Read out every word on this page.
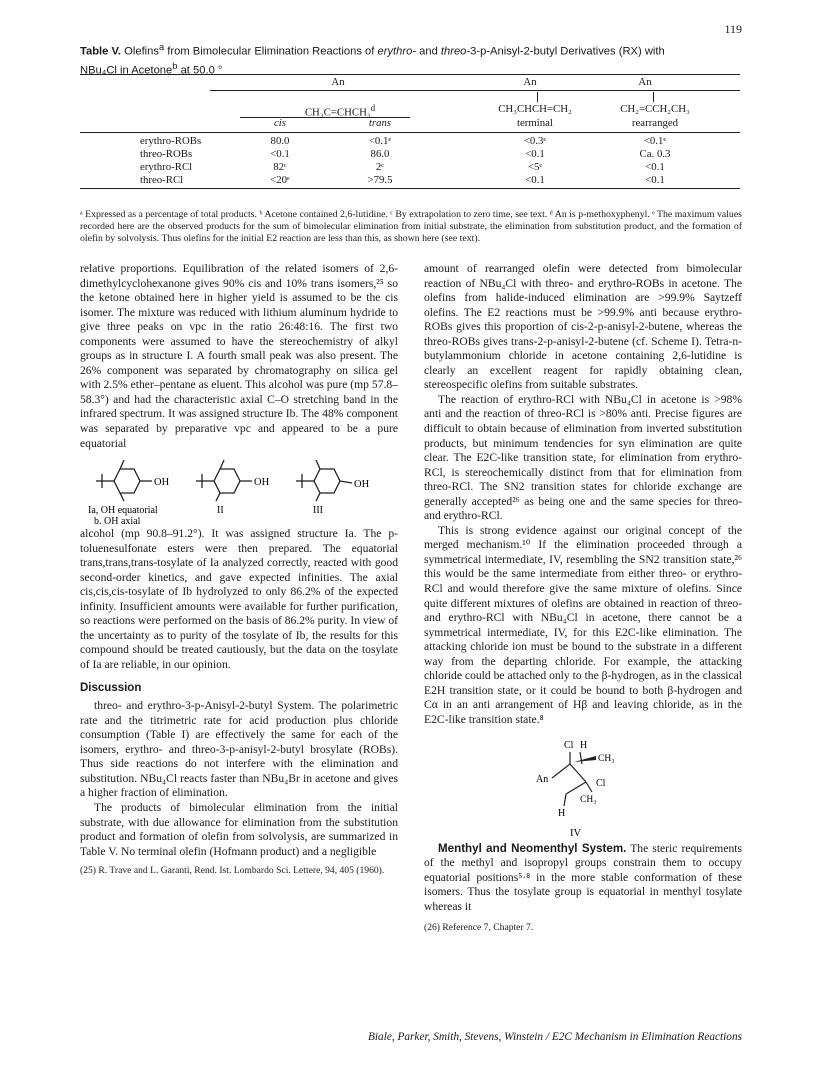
119
Table V. Olefins$^a$ from Bimolecular Elimination Reactions of erythro- and threo-3-p-Anisyl-2-butyl Derivatives (RX) with
NBu₄Cl in Acetone$^b$ at 50.0 °
An	An	An
CH₃C=CHCH₃$^d$	CH₃CHCH=CH₂	CH₂=CCH₂CH₃
cis	trans	terminal	rearranged
erythro-ROBs	80.0	<0.1ᵉ	<0.3ᵉ	<0.1ᵉ
threo-ROBs	<0.1	86.0	<0.1	Ca. 0.3
erythro-RCl	82ᶜ	2ᶜ	<5ᵉ	<0.1
threo-RCl	<20ᵉ	>79.5	<0.1	<0.1
ᵃ Expressed as a percentage of total products. ᵇ Acetone contained 2,6-lutidine. ᶜ By extrapolation to zero time, see text. ᵈ An is p-methoxyphenyl. ᵉ The maximum values recorded here are the observed products for the sum of bimolecular elimination from initial substrate, the elimination from substitution product, and the formation of olefin by solvolysis. Thus olefins for the initial E2 reaction are less than this, as shown here (see text).

relative proportions. Equilibration of the related isomers of 2,6-dimethylcyclohexanone gives 90% cis and 10% trans isomers,²⁵ so the ketone obtained here in higher yield is assumed to be the cis isomer. The mixture was reduced with lithium aluminum hydride to give three peaks on vpc in the ratio 26:48:16. The first two components were assumed to have the stereochemistry of alkyl groups as in structure I. A fourth small peak was also present. The 26% component was separated by chromatography on silica gel with 2.5% ether–pentane as eluent. This alcohol was pure (mp 57.8–58.3°) and had the characteristic axial C–O stretching band in the infrared spectrum. It was assigned structure Ib. The 48% component was separated by preparative vpc and appeared to be a pure equatorial

OH	OH	OH
Ia, OH equatorial
b. OH axial
II	III

alcohol (mp 90.8–91.2°). It was assigned structure Ia. The p-toluenesulfonate esters were then prepared. The equatorial trans,trans,trans-tosylate of Ia analyzed correctly, reacted with good second-order kinetics, and gave expected infinities. The axial cis,cis,cis-tosylate of Ib hydrolyzed to only 86.2% of the expected infinity. Insufficient amounts were available for further purification, so reactions were performed on the basis of 86.2% purity. In view of the uncertainty as to purity of the tosylate of Ib, the results for this compound should be treated cautiously, but the data on the tosylate of Ia are reliable, in our opinion.

Discussion

threo- and erythro-3-p-Anisyl-2-butyl System. The polarimetric rate and the titrimetric rate for acid production plus chloride consumption (Table I) are effectively the same for each of the isomers, erythro- and threo-3-p-anisyl-2-butyl brosylate (ROBs). Thus side reactions do not interfere with the elimination and substitution. NBu₄Cl reacts faster than NBu₄Br in acetone and gives a higher fraction of elimination.

The products of bimolecular elimination from the initial substrate, with due allowance for elimination from the substitution product and formation of olefin from solvolysis, are summarized in Table V. No terminal olefin (Hofmann product) and a negligible

(25) R. Trave and L. Garanti, Rend. Ist. Lombardo Sci. Lettere, 94, 405 (1960).

amount of rearranged olefin were detected from bimolecular reaction of NBu₄Cl with threo- and erythro-ROBs in acetone. The olefins from halide-induced elimination are >99.9% Saytzeff olefins. The E2 reactions must be >99.9% anti because erythro-ROBs gives this proportion of cis-2-p-anisyl-2-butene, whereas the threo-ROBs gives trans-2-p-anisyl-2-butene (cf. Scheme I). Tetra-n-butylammonium chloride in acetone containing 2,6-lutidine is clearly an excellent reagent for rapidly obtaining clean, stereospecific olefins from suitable substrates.

The reaction of erythro-RCl with NBu₄Cl in acetone is >98% anti and the reaction of threo-RCl is >80% anti. Precise figures are difficult to obtain because of elimination from inverted substitution products, but minimum tendencies for syn elimination are quite clear. The E2C-like transition state, for elimination from erythro-RCl, is stereochemically distinct from that for elimination from threo-RCl. The SN2 transition states for chloride exchange are generally accepted²⁶ as being one and the same species for threo- and erythro-RCl.

This is strong evidence against our original concept of the merged mechanism.¹⁰ If the elimination proceeded through a symmetrical intermediate, IV, resembling the SN2 transition state,²⁶ this would be the same intermediate from either threo- or erythro-RCl and would therefore give the same mixture of olefins. Since quite different mixtures of olefins are obtained in reaction of threo- and erythro-RCl with NBu₄Cl in acetone, there cannot be a symmetrical intermediate, IV, for this E2C-like elimination. The attacking chloride ion must be bound to the substrate in a different way from the departing chloride. For example, the attacking chloride could be attached only to the β-hydrogen, as in the classical E2H transition state, or it could be bound to both β-hydrogen and Cα in an anti arrangement of Hβ and leaving chloride, as in the E2C-like transition state.⁸

Cl H
CH₃
An	Cl
CH₃
H
IV

Menthyl and Neomenthyl System. The steric requirements of the methyl and isopropyl groups constrain them to occupy equatorial positions⁵·⁸ in the more stable conformation of these isomers. Thus the tosylate group is equatorial in menthyl tosylate whereas it

(26) Reference 7, Chapter 7.

Biale, Parker, Smith, Stevens, Winstein / E2C Mechanism in Elimination Reactions
